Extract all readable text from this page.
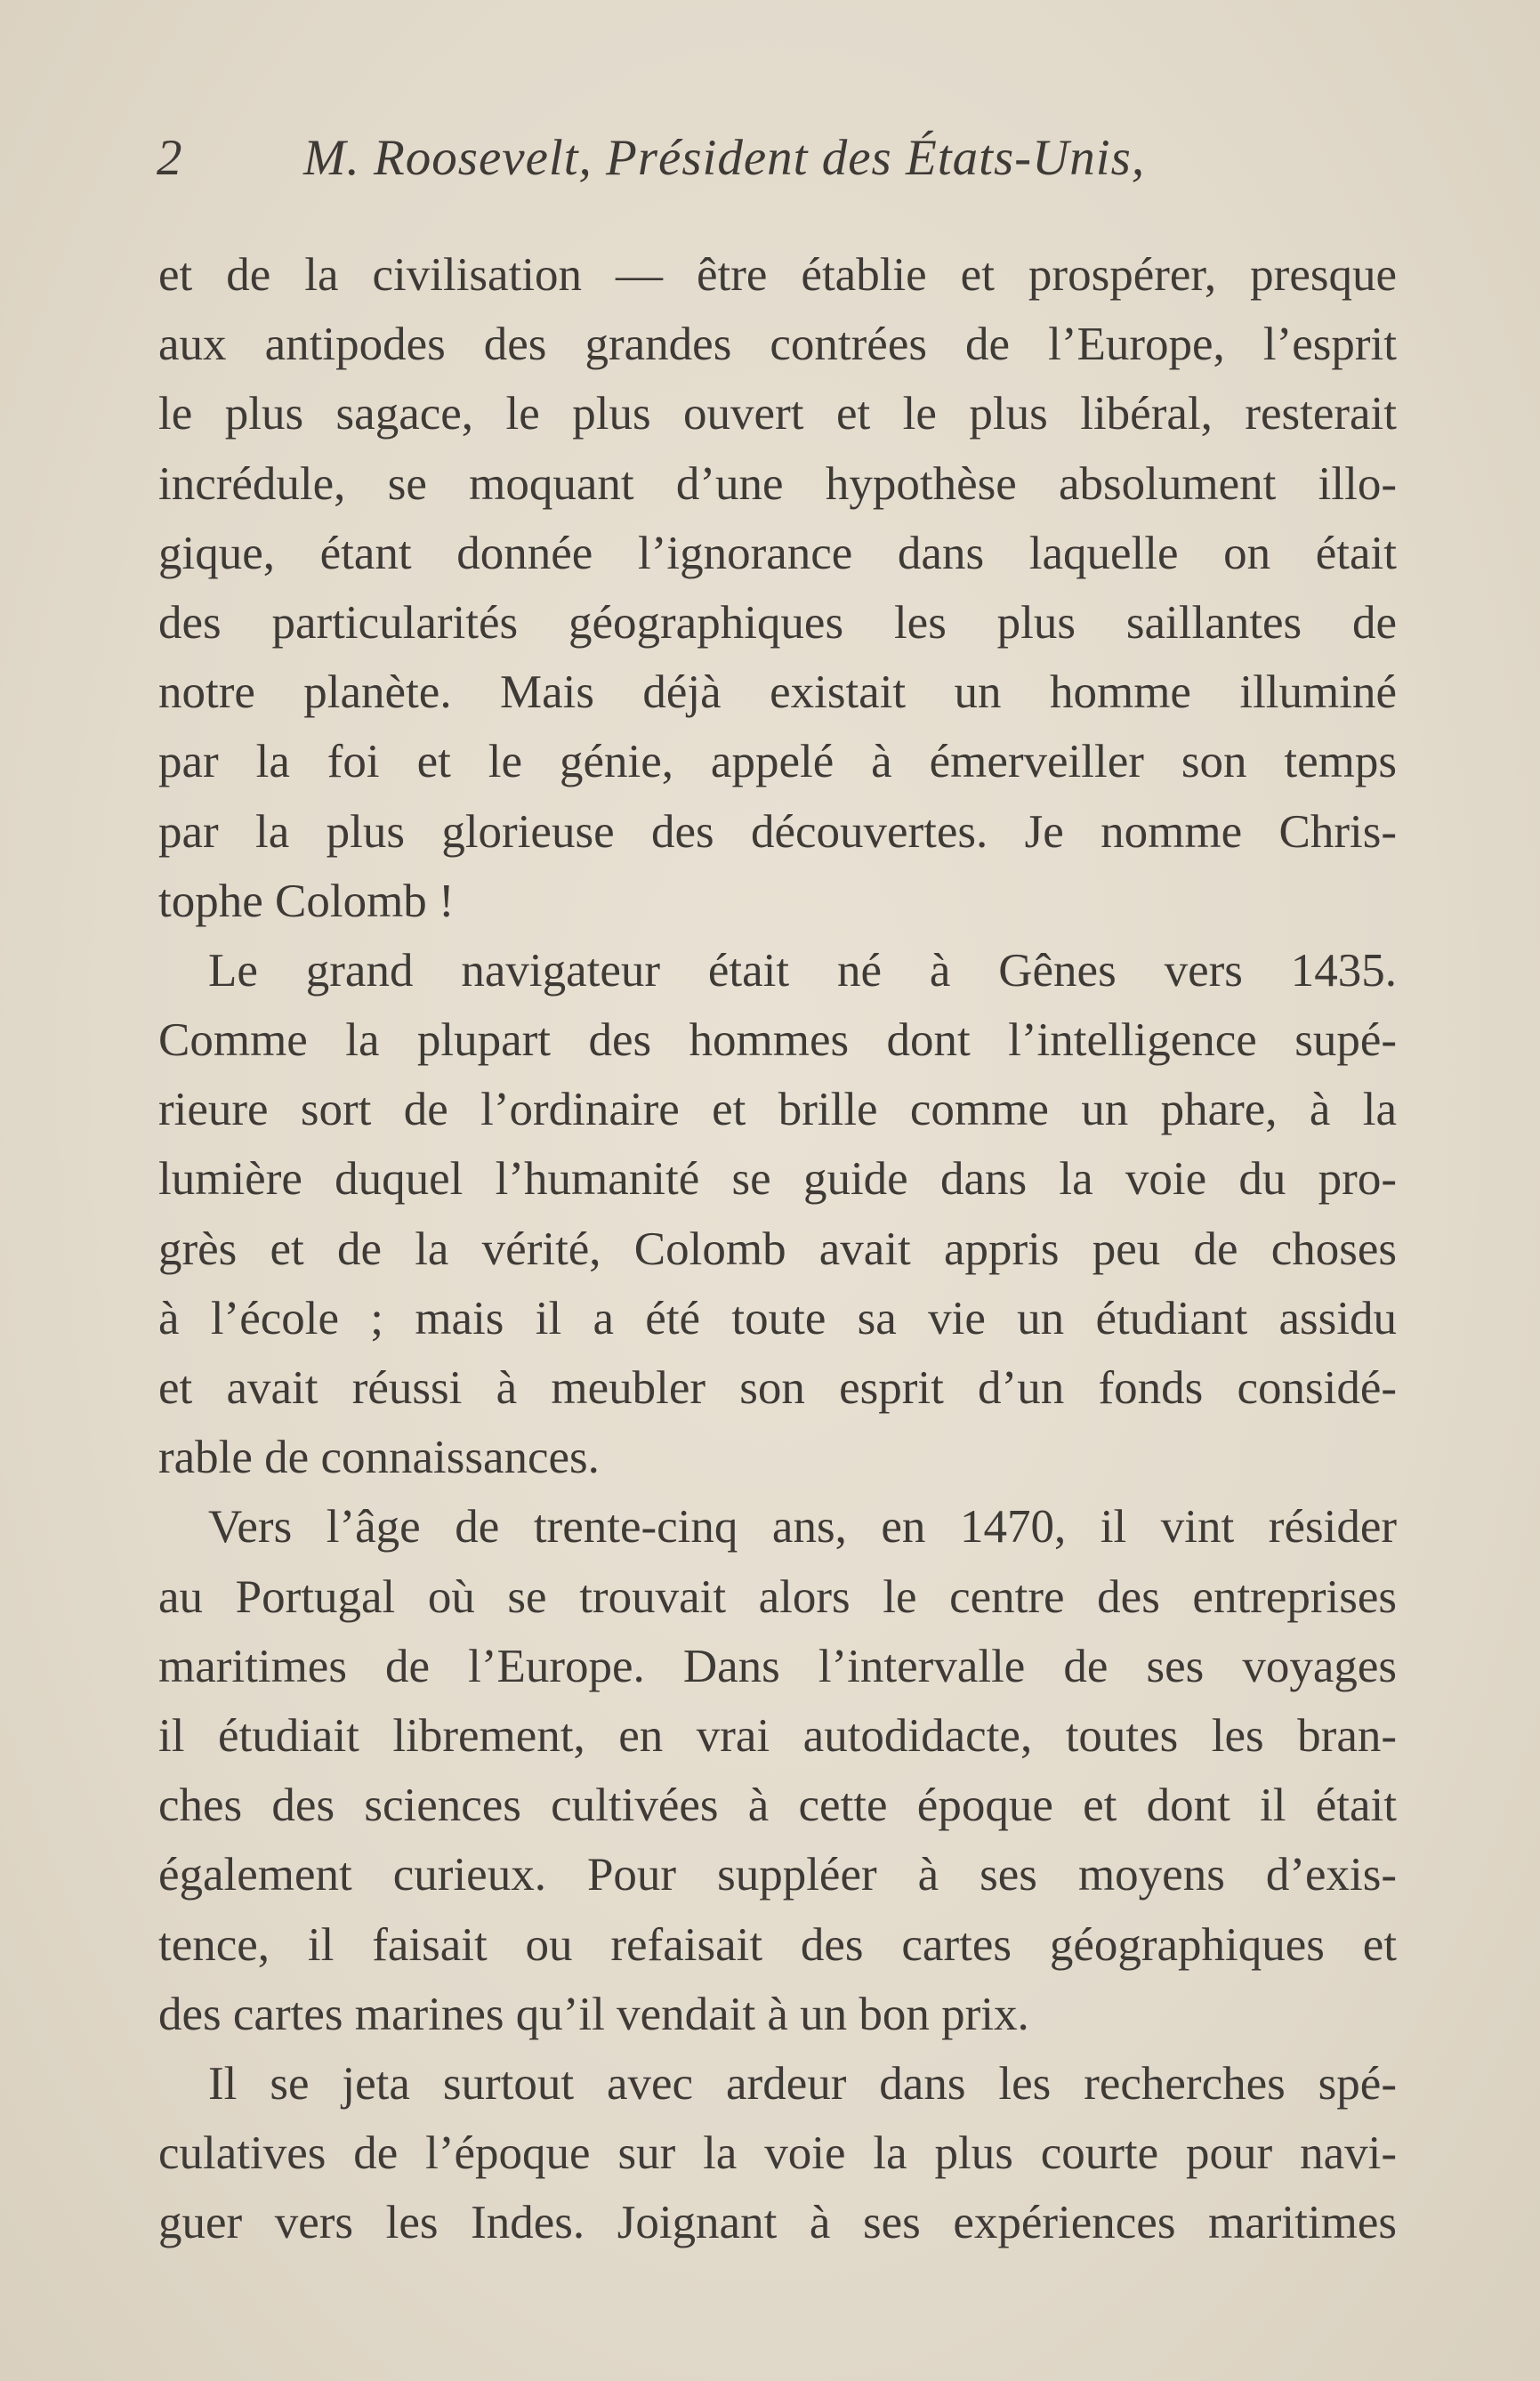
2 M. Roosevelt, Président des États-Unis,
et de la civilisation — être établie et prospérer, presque
aux antipodes des grandes contrées de l’Europe, l’esprit
le plus sagace, le plus ouvert et le plus libéral, resterait
incrédule, se moquant d’une hypothèse absolument illo-
gique, étant donnée l’ignorance dans laquelle on était
des particularités géographiques les plus saillantes de
notre planète. Mais déjà existait un homme illuminé
par la foi et le génie, appelé à émerveiller son temps
par la plus glorieuse des découvertes. Je nomme Chris-
tophe Colomb !
Le grand navigateur était né à Gênes vers 1435.
Comme la plupart des hommes dont l’intelligence supé-
rieure sort de l’ordinaire et brille comme un phare, à la
lumière duquel l’humanité se guide dans la voie du pro-
grès et de la vérité, Colomb avait appris peu de choses
à l’école ; mais il a été toute sa vie un étudiant assidu
et avait réussi à meubler son esprit d’un fonds considé-
rable de connaissances.
Vers l’âge de trente-cinq ans, en 1470, il vint résider
au Portugal où se trouvait alors le centre des entreprises
maritimes de l’Europe. Dans l’intervalle de ses voyages
il étudiait librement, en vrai autodidacte, toutes les bran-
ches des sciences cultivées à cette époque et dont il était
également curieux. Pour suppléer à ses moyens d’exis-
tence, il faisait ou refaisait des cartes géographiques et
des cartes marines qu’il vendait à un bon prix.
Il se jeta surtout avec ardeur dans les recherches spé-
culatives de l’époque sur la voie la plus courte pour navi-
guer vers les Indes. Joignant à ses expériences maritimes
